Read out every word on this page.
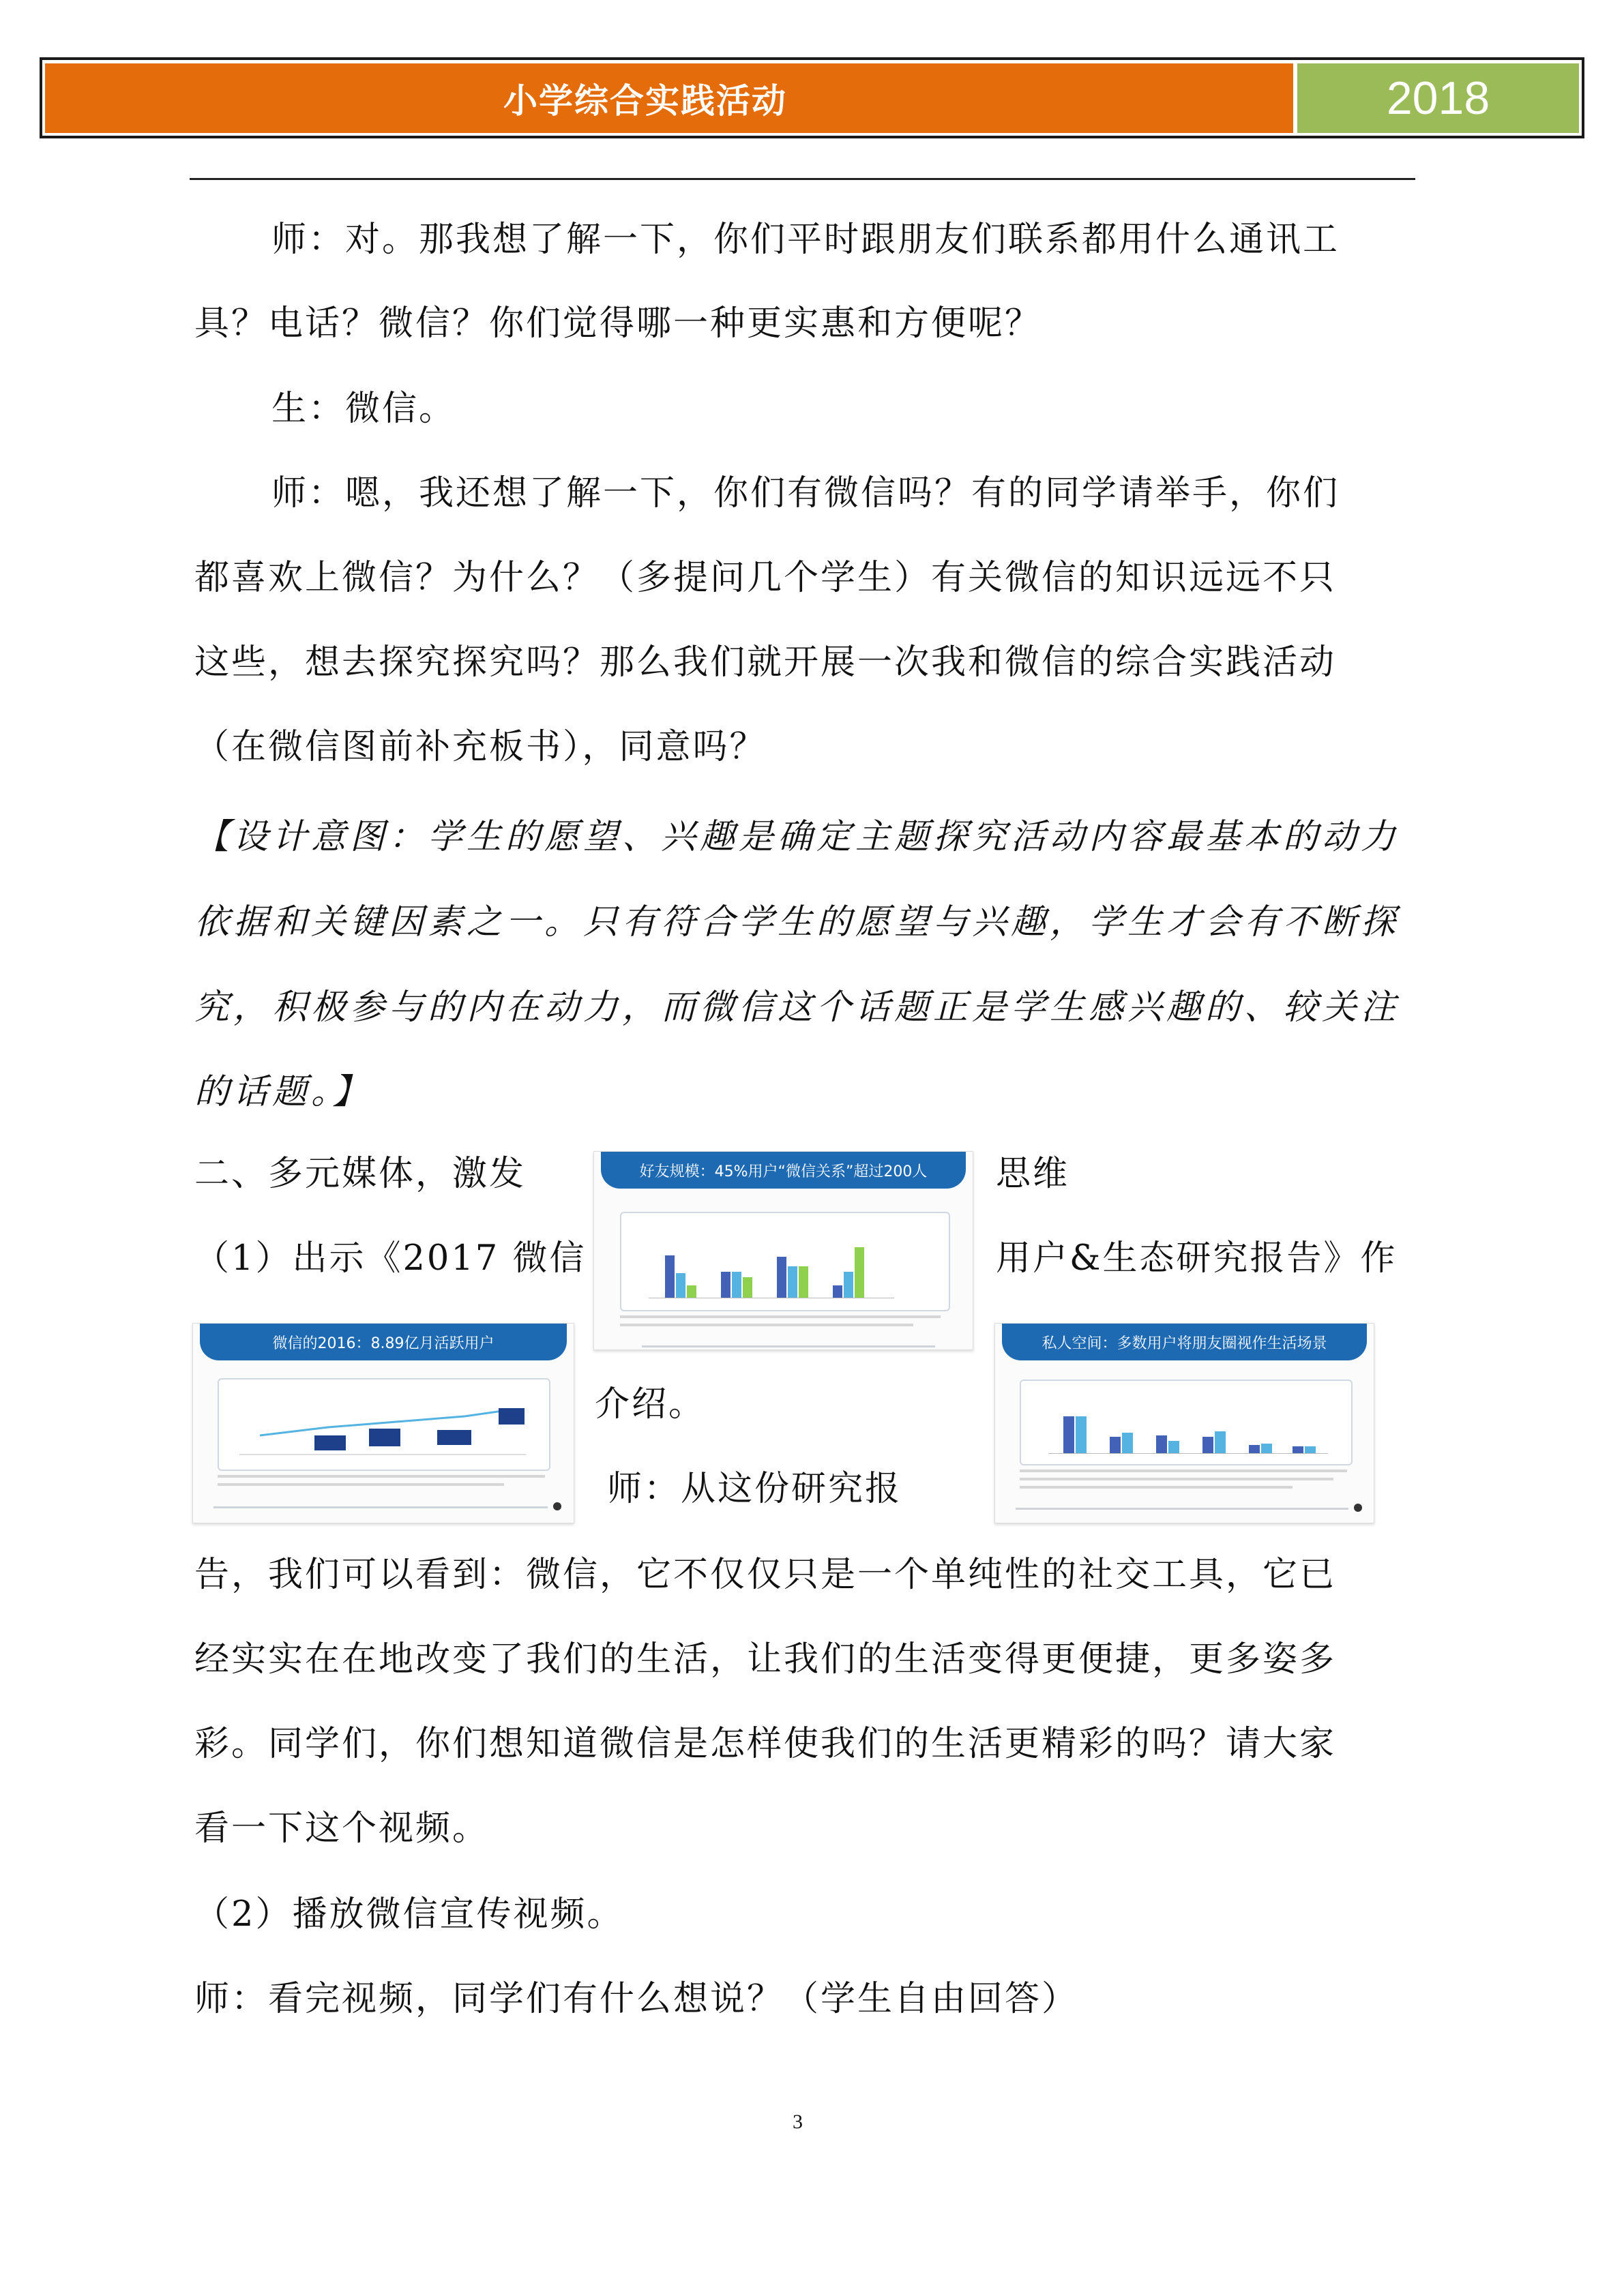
小学综合实践活动	2018
师：对。那我想了解一下，你们平时跟朋友们联系都用什么通讯工
具？电话？微信？你们觉得哪一种更实惠和方便呢？
生：微信。
师：嗯，我还想了解一下，你们有微信吗？有的同学请举手，你们
都喜欢上微信？为什么？（多提问几个学生）有关微信的知识远远不只
这些，想去探究探究吗？那么我们就开展一次我和微信的综合实践活动
（在微信图前补充板书），同意吗？
【设计意图：学生的愿望、兴趣是确定主题探究活动内容最基本的动力
依据和关键因素之一。只有符合学生的愿望与兴趣，学生才会有不断探
究，积极参与的内在动力，而微信这个话题正是学生感兴趣的、较关注
的话题。】
二、多元媒体，激发	思维
（1）出示《2017 微信	用户&生态研究报告》作
介绍。
师：从这份研究报
告，我们可以看到：微信，它不仅仅只是一个单纯性的社交工具，它已
经实实在在地改变了我们的生活，让我们的生活变得更便捷，更多姿多
彩。同学们，你们想知道微信是怎样使我们的生活更精彩的吗？请大家
看一下这个视频。
（2）播放微信宣传视频。
师：看完视频，同学们有什么想说？（学生自由回答）
3
好友规模：45%用户“微信关系”超过200人
微信的2016：8.89亿月活跃用户	私人空间：多数用户将朋友圈视作生活场景
